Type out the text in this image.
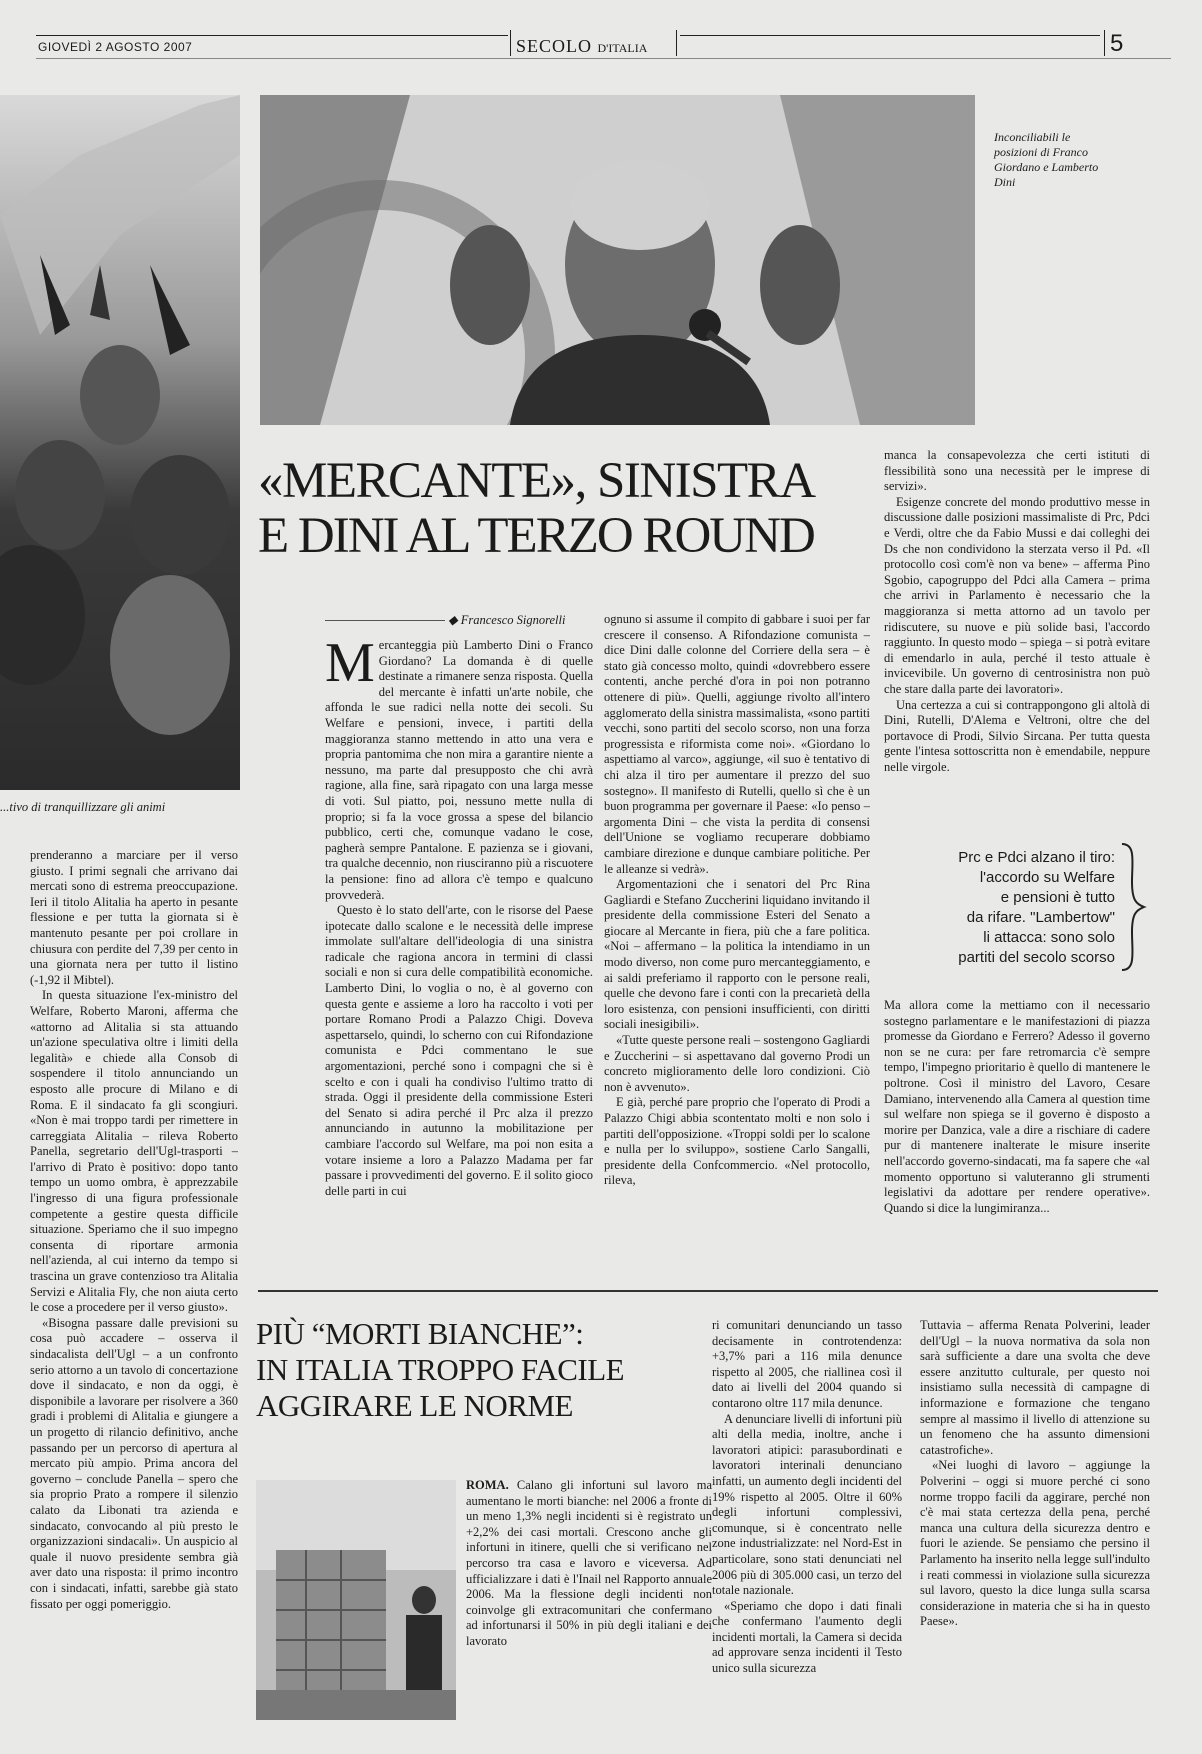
GIOVEDÌ 2 AGOSTO 2007	SECOLO D'ITALIA	5
...tivo di tranquillizzare gli animi

prenderanno a marciare per il verso giusto. I primi segnali che arrivano dai mercati sono di estrema preoccupazione. Ieri il titolo Alitalia ha aperto in pesante flessione e per tutta la giornata si è mantenuto pesante per poi crollare in chiusura con perdite del 7,39 per cento in una giornata nera per tutto il listino (-1,92 il Mibtel).

In questa situazione l'ex-ministro del Welfare, Roberto Maroni, afferma che «attorno ad Alitalia si sta attuando un'azione speculativa oltre i limiti della legalità» e chiede alla Consob di sospendere il titolo annunciando un esposto alle procure di Milano e di Roma. E il sindacato fa gli scongiuri. «Non è mai troppo tardi per rimettere in carreggiata Alitalia – rileva Roberto Panella, segretario dell'Ugl-trasporti – l'arrivo di Prato è positivo: dopo tanto tempo un uomo ombra, è apprezzabile l'ingresso di una figura professionale competente a gestire questa difficile situazione. Speriamo che il suo impegno consenta di riportare armonia nell'azienda, al cui interno da tempo si trascina un grave contenzioso tra Alitalia Servizi e Alitalia Fly, che non aiuta certo le cose a procedere per il verso giusto».

«Bisogna passare dalle previsioni su cosa può accadere – osserva il sindacalista dell'Ugl – a un confronto serio attorno a un tavolo di concertazione dove il sindacato, e non da oggi, è disponibile a lavorare per risolvere a 360 gradi i problemi di Alitalia e giungere a un progetto di rilancio definitivo, anche passando per un percorso di apertura al mercato più ampio. Prima ancora del governo – conclude Panella – spero che sia proprio Prato a rompere il silenzio calato da Libonati tra azienda e sindacato, convocando al più presto le organizzazioni sindacali». Un auspicio al quale il nuovo presidente sembra già aver dato una risposta: il primo incontro con i sindacati, infatti, sarebbe già stato fissato per oggi pomeriggio.

Inconciliabili le posizioni di Franco Giordano e Lamberto Dini
«MERCANTE», SINISTRA
E DINI AL TERZO ROUND
◆ Francesco Signorelli

Mercanteggia più Lamberto Dini o Franco Giordano? La domanda è di quelle destinate a rimanere senza risposta. Quella del mercante è infatti un'arte nobile, che affonda le sue radici nella notte dei secoli. Su Welfare e pensioni, invece, i partiti della maggioranza stanno mettendo in atto una vera e propria pantomima che non mira a garantire niente a nessuno, ma parte dal presupposto che chi avrà ragione, alla fine, sarà ripagato con una larga messe di voti. Sul piatto, poi, nessuno mette nulla di proprio; si fa la voce grossa a spese del bilancio pubblico, certi che, comunque vadano le cose, pagherà sempre Pantalone. E pazienza se i giovani, tra qualche decennio, non riusciranno più a riscuotere la pensione: fino ad allora c'è tempo e qualcuno provvederà.

Questo è lo stato dell'arte, con le risorse del Paese ipotecate dallo scalone e le necessità delle imprese immolate sull'altare dell'ideologia di una sinistra radicale che ragiona ancora in termini di classi sociali e non si cura delle compatibilità economiche. Lamberto Dini, lo voglia o no, è al governo con questa gente e assieme a loro ha raccolto i voti per portare Romano Prodi a Palazzo Chigi. Doveva aspettarselo, quindi, lo scherno con cui Rifondazione comunista e Pdci commentano le sue argomentazioni, perché sono i compagni che si è scelto e con i quali ha condiviso l'ultimo tratto di strada. Oggi il presidente della commissione Esteri del Senato si adira perché il Prc alza il prezzo annunciando in autunno la mobilitazione per cambiare l'accordo sul Welfare, ma poi non esita a votare insieme a loro a Palazzo Madama per far passare i provvedimenti del governo. E il solito gioco delle parti in cui

ognuno si assume il compito di gabbare i suoi per far crescere il consenso. A Rifondazione comunista – dice Dini dalle colonne del Corriere della sera – è stato già concesso molto, quindi «dovrebbero essere contenti, anche perché d'ora in poi non potranno ottenere di più». Quelli, aggiunge rivolto all'intero agglomerato della sinistra massimalista, «sono partiti vecchi, sono partiti del secolo scorso, non una forza progressista e riformista come noi». «Giordano lo aspettiamo al varco», aggiunge, «il suo è tentativo di chi alza il tiro per aumentare il prezzo del suo sostegno». Il manifesto di Rutelli, quello sì che è un buon programma per governare il Paese: «Io penso – argomenta Dini – che vista la perdita di consensi dell'Unione se vogliamo recuperare dobbiamo cambiare direzione e dunque cambiare politiche. Per le alleanze si vedrà».

Argomentazioni che i senatori del Prc Rina Gagliardi e Stefano Zuccherini liquidano invitando il presidente della commissione Esteri del Senato a giocare al Mercante in fiera, più che a fare politica. «Noi – affermano – la politica la intendiamo in un modo diverso, non come puro mercanteggiamento, e ai saldi preferiamo il rapporto con le persone reali, quelle che devono fare i conti con la precarietà della loro esistenza, con pensioni insufficienti, con diritti sociali inesigibili».

«Tutte queste persone reali – sostengono Gagliardi e Zuccherini – si aspettavano dal governo Prodi un concreto miglioramento delle loro condizioni. Ciò non è avvenuto».

E già, perché pare proprio che l'operato di Prodi a Palazzo Chigi abbia scontentato molti e non solo i partiti dell'opposizione. «Troppi soldi per lo scalone e nulla per lo sviluppo», sostiene Carlo Sangalli, presidente della Confcommercio. «Nel protocollo, rileva,

manca la consapevolezza che certi istituti di flessibilità sono una necessità per le imprese di servizi».

Esigenze concrete del mondo produttivo messe in discussione dalle posizioni massimaliste di Prc, Pdci e Verdi, oltre che da Fabio Mussi e dai colleghi dei Ds che non condividono la sterzata verso il Pd. «Il protocollo così com'è non va bene» – afferma Pino Sgobio, capogruppo del Pdci alla Camera – prima che arrivi in Parlamento è necessario che la maggioranza si metta attorno ad un tavolo per ridiscutere, su nuove e più solide basi, l'accordo raggiunto. In questo modo – spiega – si potrà evitare di emendarlo in aula, perché il testo attuale è invicevibile. Un governo di centrosinistra non può che stare dalla parte dei lavoratori».

Una certezza a cui si contrappongono gli altolà di Dini, Rutelli, D'Alema e Veltroni, oltre che del portavoce di Prodi, Silvio Sircana. Per tutta questa gente l'intesa sottoscritta non è emendabile, neppure nelle virgole.

Prc e Pdci alzano il tiro:
l'accordo su Welfare
e pensioni è tutto
da rifare. "Lambertow"
li attacca: sono solo
partiti del secolo scorso

Ma allora come la mettiamo con il necessario sostegno parlamentare e le manifestazioni di piazza promesse da Giordano e Ferrero? Adesso il governo non se ne cura: per fare retromarcia c'è sempre tempo, l'impegno prioritario è quello di mantenere le poltrone. Così il ministro del Lavoro, Cesare Damiano, intervenendo alla Camera al question time sul welfare non spiega se il governo è disposto a morire per Danzica, vale a dire a rischiare di cadere pur di mantenere inalterate le misure inserite nell'accordo governo-sindacati, ma fa sapere che «al momento opportuno si valuteranno gli strumenti legislativi da adottare per rendere operative». Quando si dice la lungimiranza...

PIÙ “MORTI BIANCHE”:
IN ITALIA TROPPO FACILE
AGGIRARE LE NORME

ROMA. Calano gli infortuni sul lavoro ma aumentano le morti bianche: nel 2006 a fronte di un meno 1,3% negli incidenti si è registrato un +2,2% dei casi mortali. Crescono anche gli infortuni in itinere, quelli che si verificano nel percorso tra casa e lavoro e viceversa. Ad ufficializzare i dati è l'Inail nel Rapporto annuale 2006. Ma la flessione degli incidenti non coinvolge gli extracomunitari che confermano ad infortunarsi il 50% in più degli italiani e dei lavorato

ri comunitari denunciando un tasso decisamente in controtendenza: +3,7% pari a 116 mila denunce rispetto al 2005, che riallinea così il dato ai livelli del 2004 quando si contarono oltre 117 mila denunce.

A denunciare livelli di infortuni più alti della media, inoltre, anche i lavoratori atipici: parasubordinati e lavoratori interinali denunciano infatti, un aumento degli incidenti del 19% rispetto al 2005. Oltre il 60% degli infortuni complessivi, comunque, si è concentrato nelle zone industrializzate: nel Nord-Est in particolare, sono stati denunciati nel 2006 più di 305.000 casi, un terzo del totale nazionale.

«Speriamo che dopo i dati finali che confermano l'aumento degli incidenti mortali, la Camera si decida ad approvare senza incidenti il Testo unico sulla sicurezza

Tuttavia – afferma Renata Polverini, leader dell'Ugl – la nuova normativa da sola non sarà sufficiente a dare una svolta che deve essere anzitutto culturale, per questo noi insistiamo sulla necessità di campagne di informazione e formazione che tengano sempre al massimo il livello di attenzione su un fenomeno che ha assunto dimensioni catastrofiche».

«Nei luoghi di lavoro – aggiunge la Polverini – oggi si muore perché ci sono norme troppo facili da aggirare, perché non c'è mai stata certezza della pena, perché manca una cultura della sicurezza dentro e fuori le aziende. Se pensiamo che persino il Parlamento ha inserito nella legge sull'indulto i reati commessi in violazione sulla sicurezza sul lavoro, questo la dice lunga sulla scarsa considerazione in materia che si ha in questo Paese».
